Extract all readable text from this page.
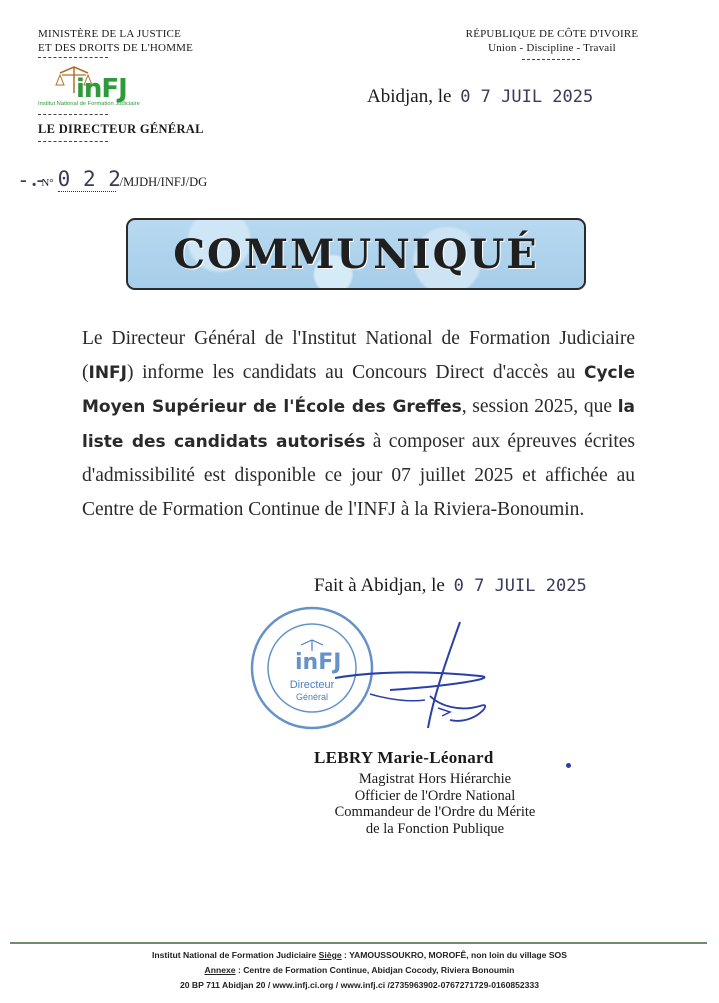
MINISTÈRE DE LA JUSTICE
ET DES DROITS DE L'HOMME
inFJ
Institut National de Formation Judiciaire
LE DIRECTEUR GÉNÉRAL
RÉPUBLIQUE DE CÔTE D'IVOIRE
Union - Discipline - Travail
Abidjan, le 0 7 JUIL 2025
- .- N° 0 2 2 /MJDH/INFJ/DG
COMMUNIQUÉ
Le Directeur Général de l'Institut National de Formation Judiciaire (INFJ) informe les candidats au Concours Direct d'accès au Cycle Moyen Supérieur de l'École des Greffes, session 2025, que la liste des candidats autorisés à composer aux épreuves écrites d'admissibilité est disponible ce jour 07 juillet 2025 et affichée au Centre de Formation Continue de l'INFJ à la Riviera-Bonoumin.
Fait à Abidjan, le 0 7 JUIL 2025
inFJ
Directeur
Général
LEBRY Marie-Léonard
Magistrat Hors Hiérarchie
Officier de l'Ordre National
Commandeur de l'Ordre du Mérite
de la Fonction Publique
Institut National de Formation Judiciaire Siège : YAMOUSSOUKRO, MOROFÊ, non loin du village SOS
Annexe : Centre de Formation Continue, Abidjan Cocody, Riviera Bonoumin
20 BP 711 Abidjan 20 / www.infj.ci.org / www.infj.ci /2735963902-0767271729-0160852333
